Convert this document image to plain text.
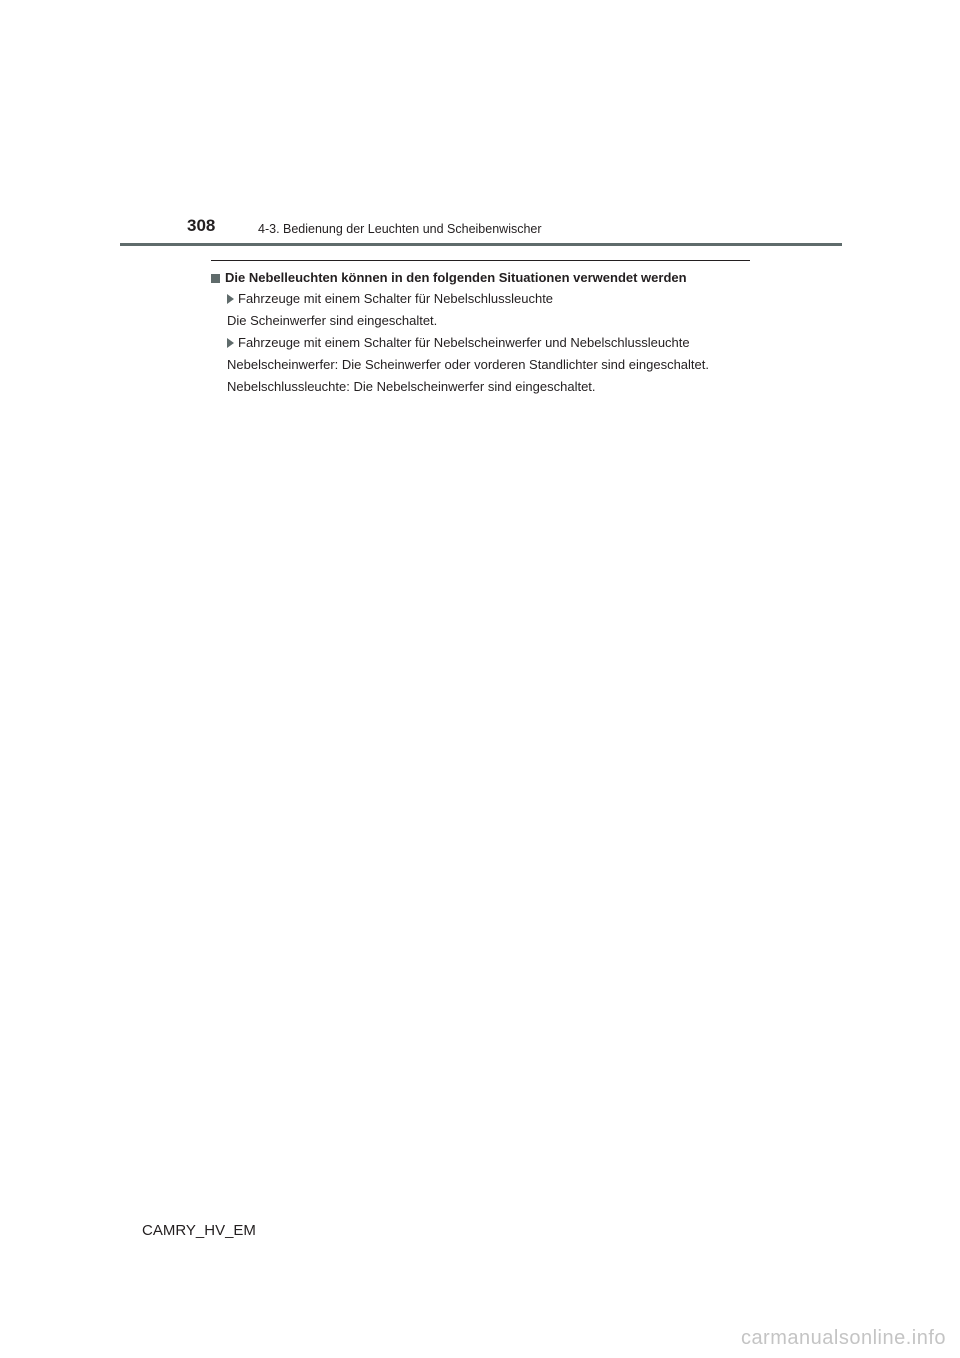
308	4-3. Bedienung der Leuchten und Scheibenwischer
Die Nebelleuchten können in den folgenden Situationen verwendet werden
Fahrzeuge mit einem Schalter für Nebelschlussleuchte
Die Scheinwerfer sind eingeschaltet.
Fahrzeuge mit einem Schalter für Nebelscheinwerfer und Nebelschlussleuchte
Nebelscheinwerfer: Die Scheinwerfer oder vorderen Standlichter sind eingeschaltet.
Nebelschlussleuchte: Die Nebelscheinwerfer sind eingeschaltet.
CAMRY_HV_EM
carmanualsonline.info
